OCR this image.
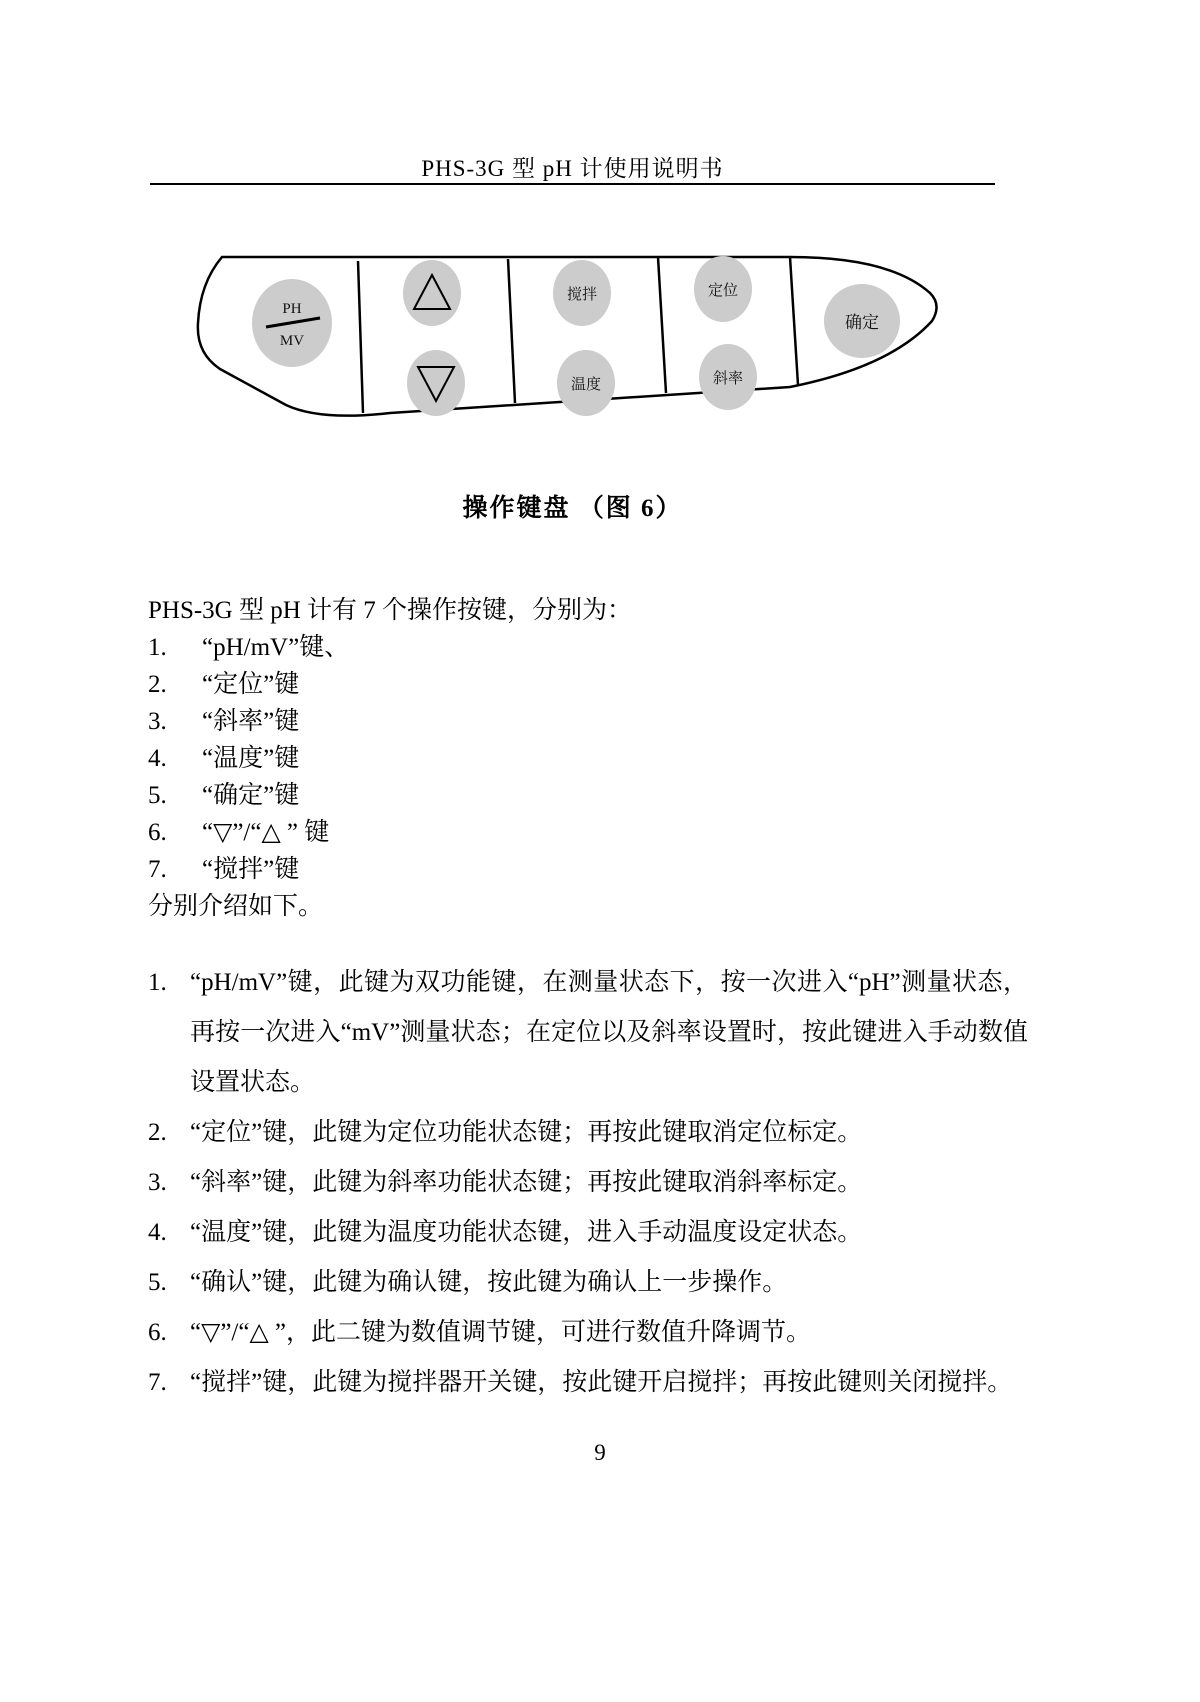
PHS-3G 型 pH 计使用说明书
PH
MV
搅拌
温度
定位
斜率
确定
操作键盘 （图 6）
PHS-3G 型 pH 计有 7 个操作按键，分别为：
1.	“pH/mV”键、
2.	“定位”键
3.	“斜率”键
4.	“温度”键
5.	“确定”键
6.	“▽”/“△ ” 键
7.	“搅拌”键
分别介绍如下。
1. “pH/mV”键，此键为双功能键，在测量状态下，按一次进入“pH”测量状态，再按一次进入“mV”测量状态；在定位以及斜率设置时，按此键进入手动数值设置状态。
2. “定位”键，此键为定位功能状态键；再按此键取消定位标定。
3. “斜率”键，此键为斜率功能状态键；再按此键取消斜率标定。
4. “温度”键，此键为温度功能状态键，进入手动温度设定状态。
5. “确认”键，此键为确认键，按此键为确认上一步操作。
6. “▽”/“△ ”，此二键为数值调节键，可进行数值升降调节。
7. “搅拌”键，此键为搅拌器开关键，按此键开启搅拌；再按此键则关闭搅拌。
9
